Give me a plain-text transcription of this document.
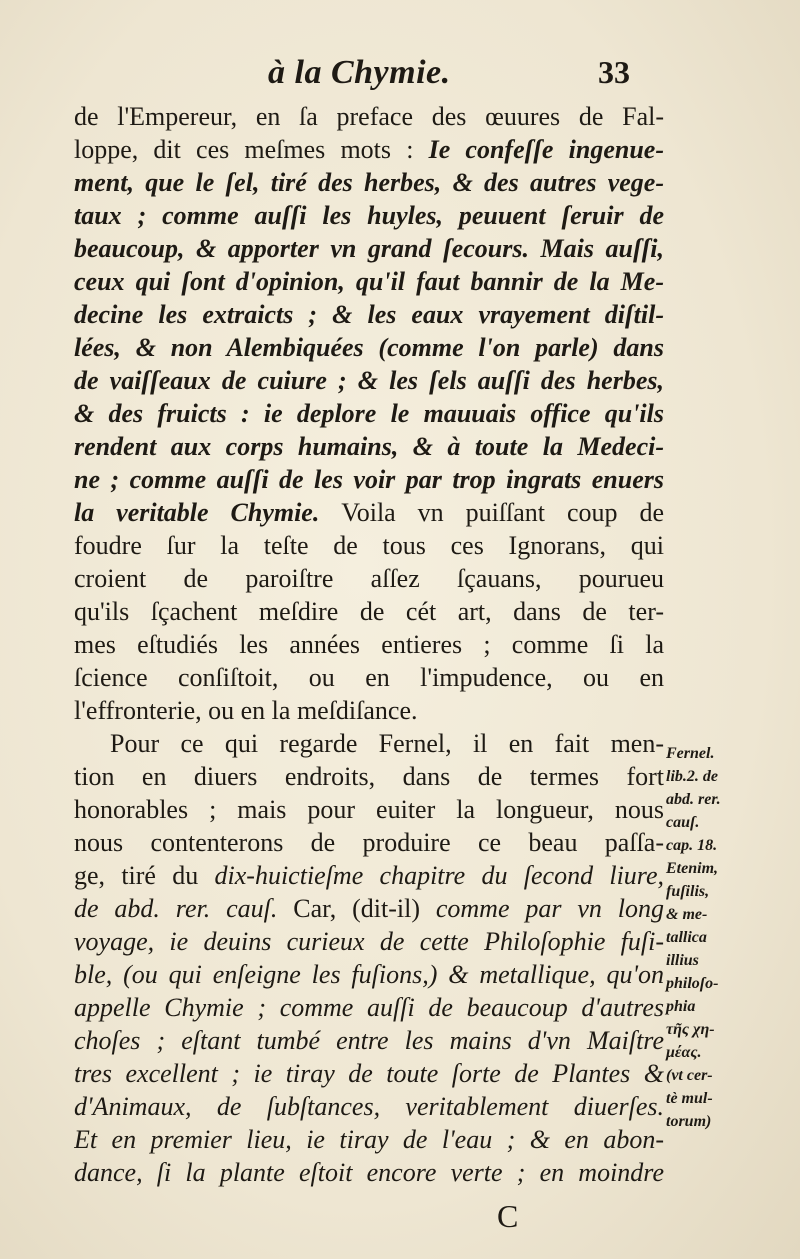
à la Chymie.	33
de l'Empereur, en ſa preface des œuures de Fal-
loppe, dit ces meſmes mots : Ie confeſſe ingenue-
ment, que le ſel, tiré des herbes, & des autres vege-
taux ; comme auſſi les huyles, peuuent ſeruir de
beaucoup, & apporter vn grand ſecours. Mais auſſi,
ceux qui ſont d'opinion, qu'il faut bannir de la Me-
decine les extraicts ; & les eaux vrayement diſtil-
lées, & non Alembiquées (comme l'on parle) dans
de vaiſſeaux de cuiure ; & les ſels auſſi des herbes,
& des fruicts : ie deplore le mauuais office qu'ils
rendent aux corps humains, & à toute la Medeci-
ne ; comme auſſi de les voir par trop ingrats enuers
la veritable Chymie. Voila vn puiſſant coup de
foudre ſur la teſte de tous ces Ignorans, qui
croient de paroiſtre aſſez ſçauans, pourueu
qu'ils ſçachent meſdire de cét art, dans de ter-
mes eſtudiés les années entieres ; comme ſi la
ſcience conſiſtoit, ou en l'impudence, ou en
l'effronterie, ou en la meſdiſance.
Pour ce qui regarde Fernel, il en fait men-
tion en diuers endroits, dans de termes fort
honorables ; mais pour euiter la longueur, nous
nous contenterons de produire ce beau paſſa-
ge, tiré du dix-huictieſme chapitre du ſecond liure,
de abd. rer. cauſ. Car, (dit-il) comme par vn long
voyage, ie deuins curieux de cette Philoſophie fuſi-
ble, (ou qui enſeigne les fuſions,) & metallique, qu'on
appelle Chymie ; comme auſſi de beaucoup d'autres
choſes ; eſtant tumbé entre les mains d'vn Maiſtre
tres excellent ; ie tiray de toute ſorte de Plantes &
d'Animaux, de ſubſtances, veritablement diuerſes.
Et en premier lieu, ie tiray de l'eau ; & en abon-
dance, ſi la plante eſtoit encore verte ; en moindre
Fernel.
lib.2. de
abd. rer.
cauſ.
cap. 18.
Etenim,
fuſilis,
& me-
tallica
illius
philoſo-
phia
τῆς χη-
μέας.
(vt cer-
tè mul-
torum)
C
